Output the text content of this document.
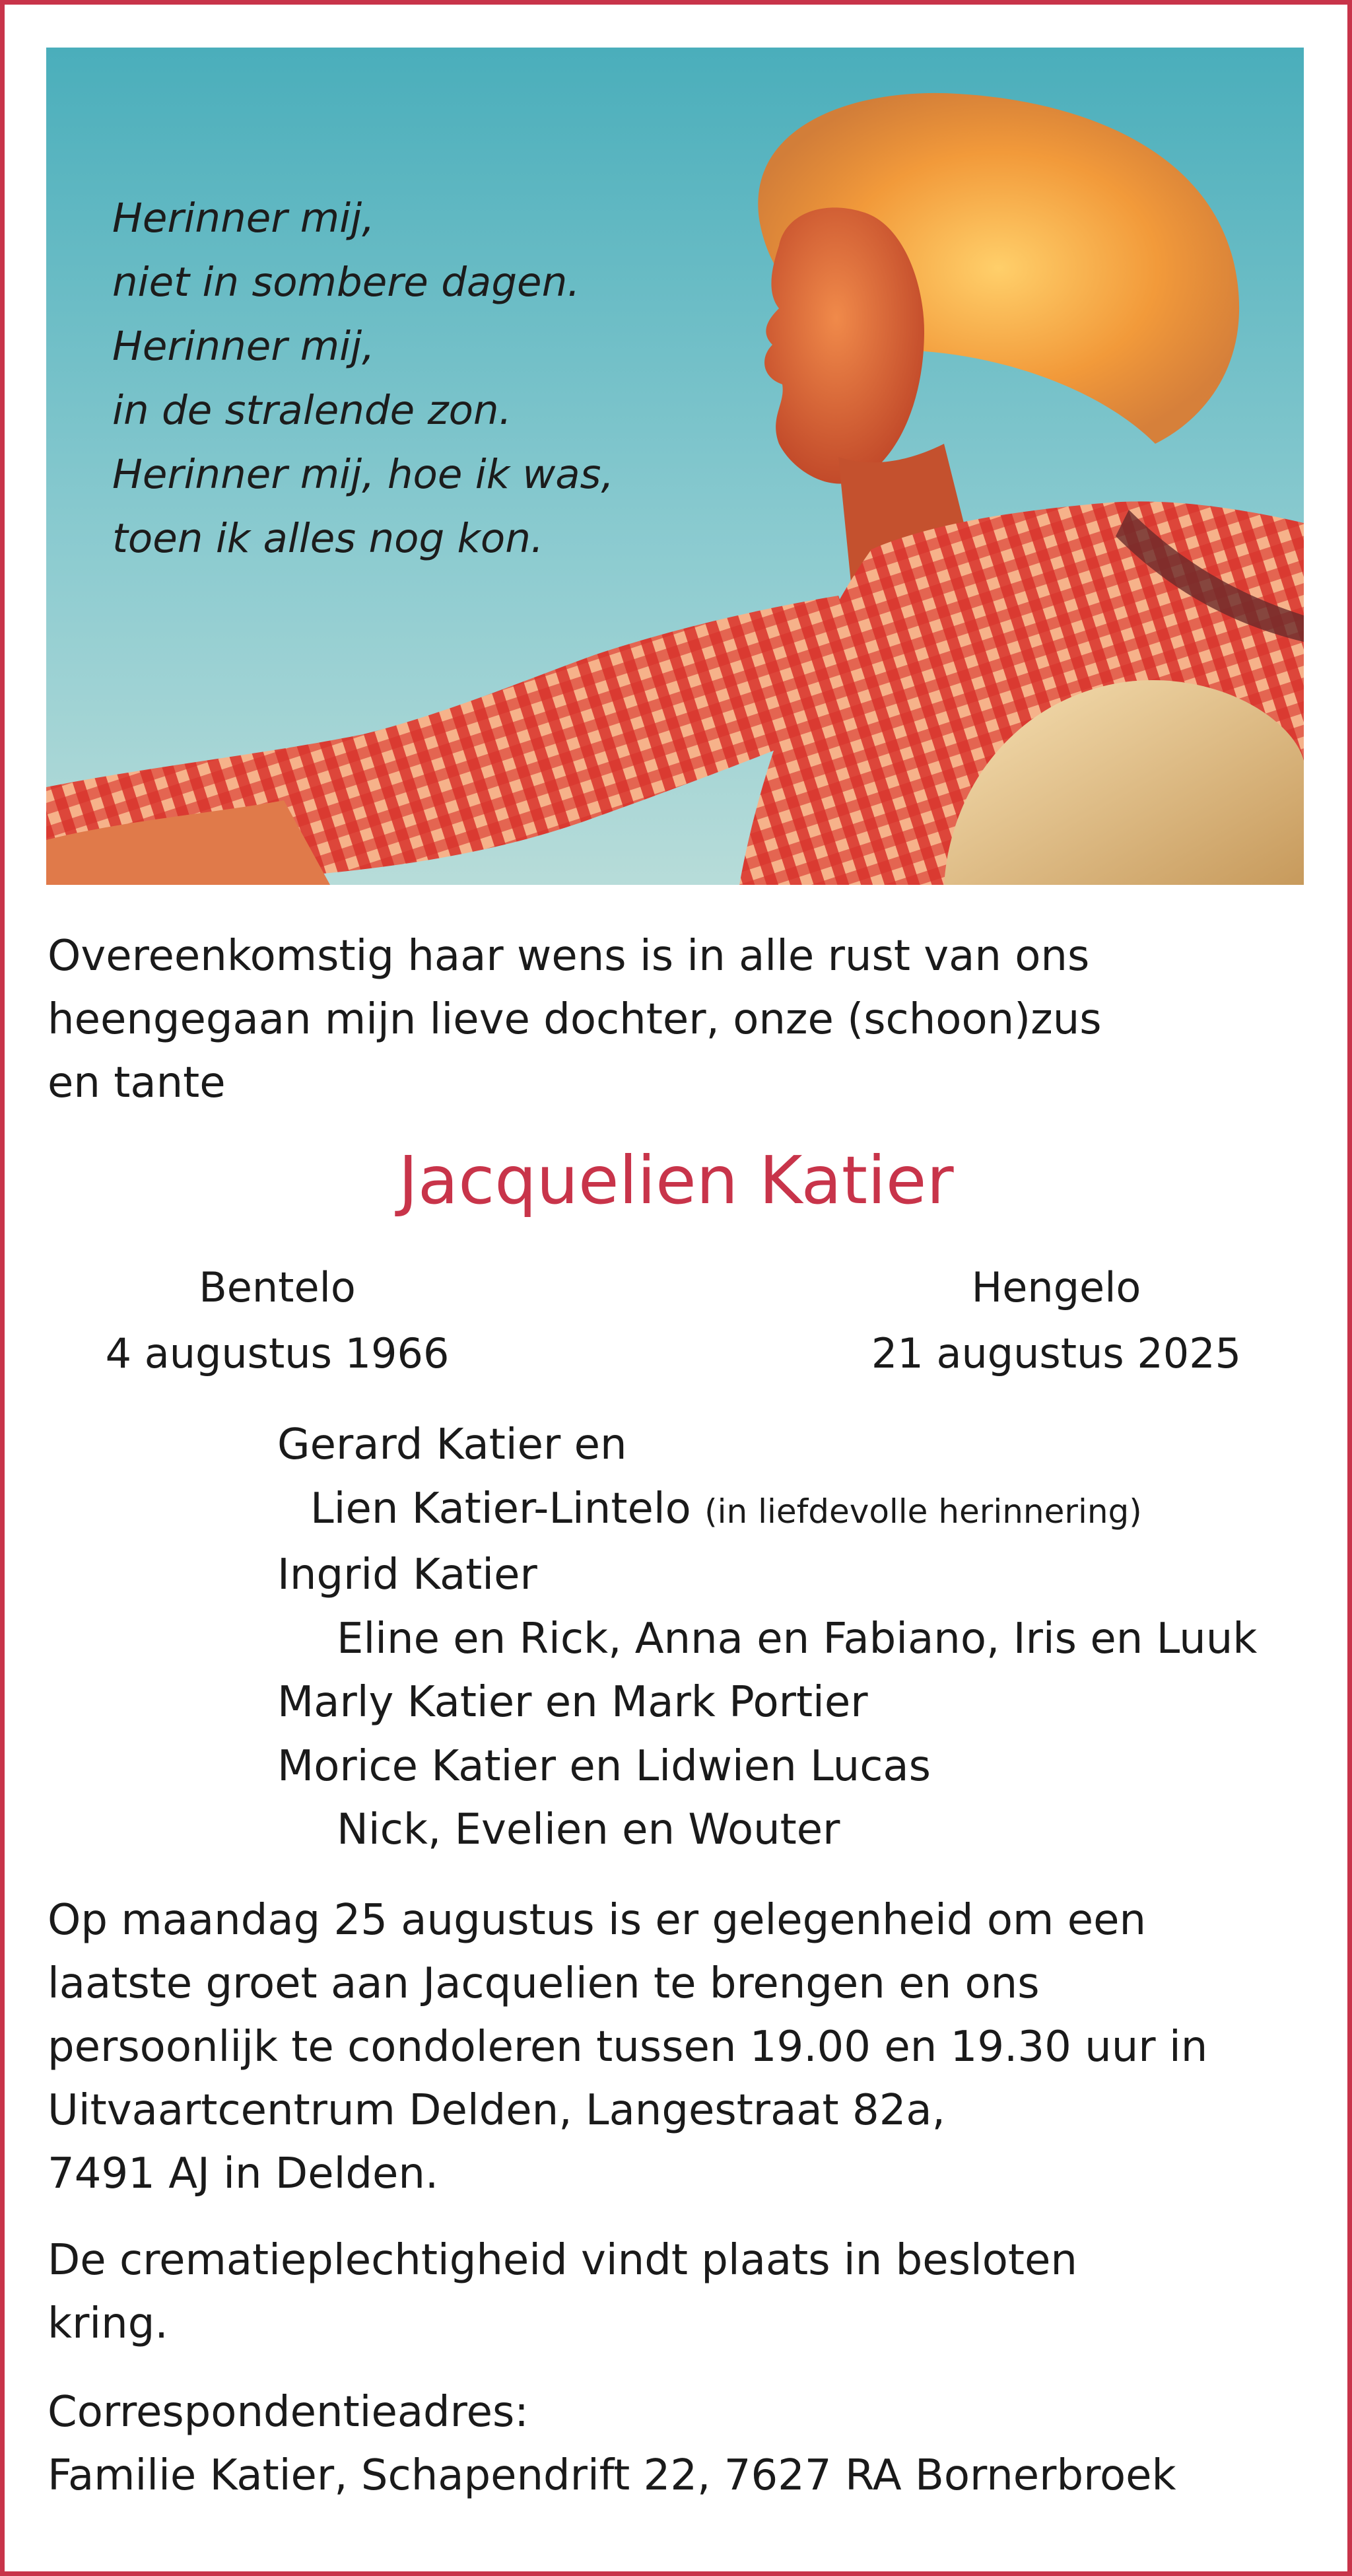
Herinner mij,
niet in sombere dagen.
Herinner mij,
in de stralende zon.
Herinner mij, hoe ik was,
toen ik alles nog kon.
Overeenkomstig haar wens is in alle rust van ons
heengegaan mijn lieve dochter, onze (schoon)zus
en tante
Jacquelien Katier
Bentelo
4 augustus 1966
Hengelo
21 augustus 2025
Gerard Katier en
Lien Katier-Lintelo (in liefdevolle herinnering)
Ingrid Katier
Eline en Rick, Anna en Fabiano, Iris en Luuk
Marly Katier en Mark Portier
Morice Katier en Lidwien Lucas
Nick, Evelien en Wouter
Op maandag 25 augustus is er gelegenheid om een
laatste groet aan Jacquelien te brengen en ons
persoonlijk te condoleren tussen 19.00 en 19.30 uur in
Uitvaartcentrum Delden, Langestraat 82a,
7491 AJ in Delden.
De crematieplechtigheid vindt plaats in besloten
kring.
Correspondentieadres:
Familie Katier, Schapendrift 22, 7627 RA Bornerbroek
